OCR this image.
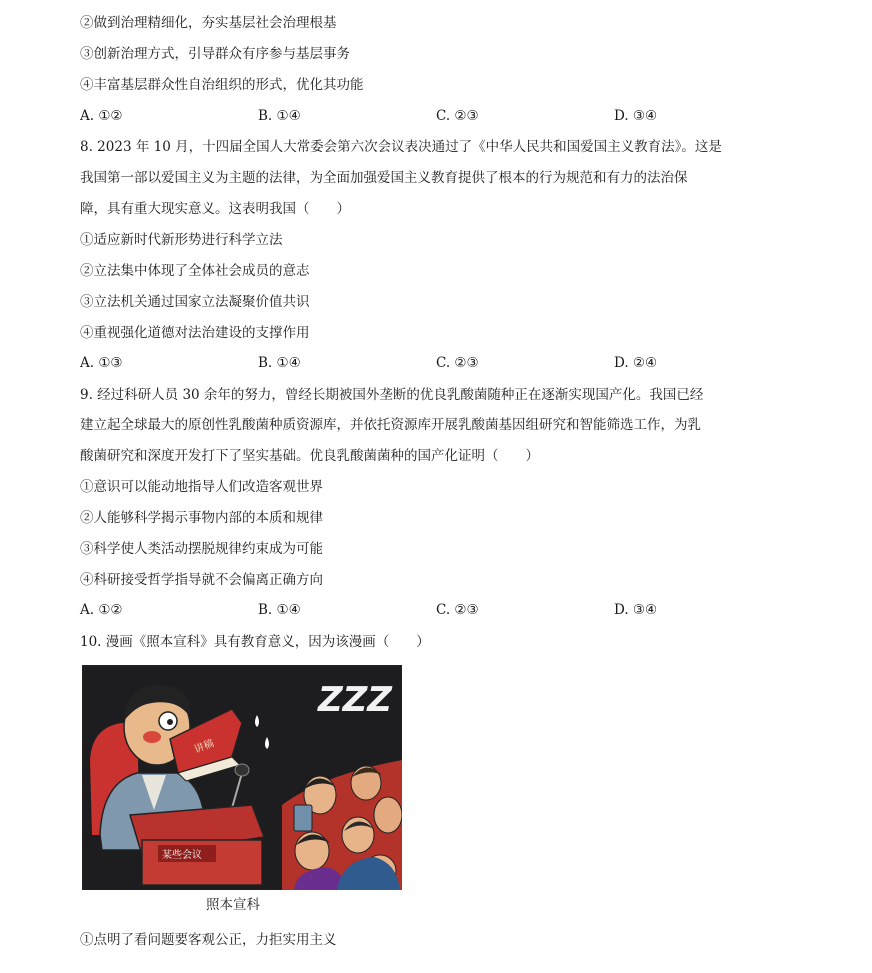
②做到治理精细化，夯实基层社会治理根基
③创新治理方式，引导群众有序参与基层事务
④丰富基层群众性自治组织的形式，优化其功能
A. ①②	B. ①④	C. ②③	D. ③④
8. 2023 年 10 月，十四届全国人大常委会第六次会议表决通过了《中华人民共和国爱国主义教育法》。这是
我国第一部以爱国主义为主题的法律，为全面加强爱国主义教育提供了根本的行为规范和有力的法治保
障，具有重大现实意义。这表明我国（　　）
①适应新时代新形势进行科学立法
②立法集中体现了全体社会成员的意志
③立法机关通过国家立法凝聚价值共识
④重视强化道德对法治建设的支撑作用
A. ①③	B. ①④	C. ②③	D. ②④
9. 经过科研人员 30 余年的努力，曾经长期被国外垄断的优良乳酸菌随种正在逐渐实现国产化。我国已经
建立起全球最大的原创性乳酸菌种质资源库，并依托资源库开展乳酸菌基因组研究和智能筛选工作，为乳
酸菌研究和深度开发打下了坚实基础。优良乳酸菌菌种的国产化证明（　　）
①意识可以能动地指导人们改造客观世界
②人能够科学揭示事物内部的本质和规律
③科学使人类活动摆脱规律约束成为可能
④科研接受哲学指导就不会偏离正确方向
A. ①②	B. ①④	C. ②③	D. ③④
10. 漫画《照本宣科》具有教育意义，因为该漫画（　　）
讲稿
ZZZ
某些会议
照本宣科
①点明了看问题要客观公正，力拒实用主义
